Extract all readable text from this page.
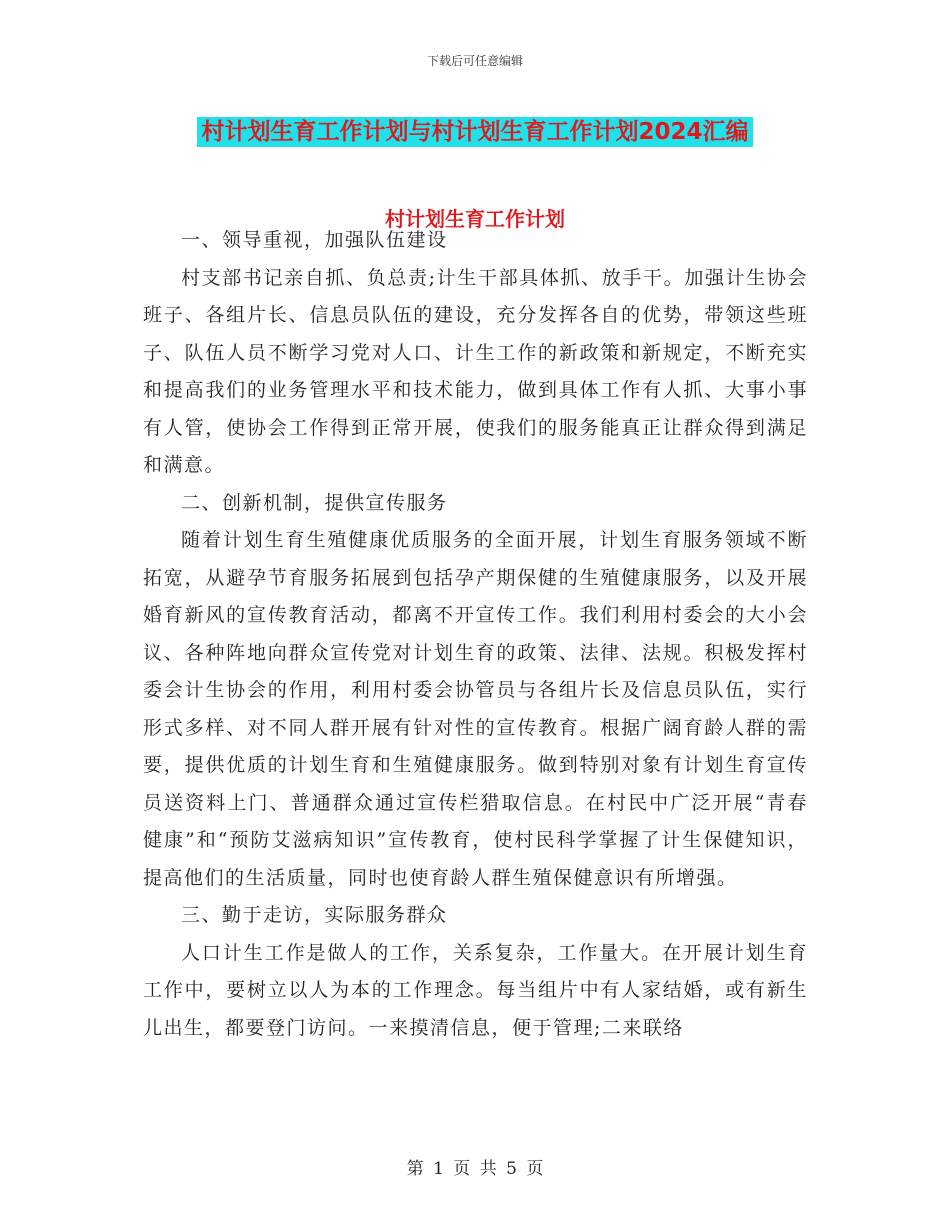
下载后可任意编辑
村计划生育工作计划与村计划生育工作计划2024汇编
村计划生育工作计划

一、领导重视，加强队伍建设

村支部书记亲自抓、负总责;计生干部具体抓、放手干。加强计生协会班子、各组片长、信息员队伍的建设，充分发挥各自的优势，带领这些班子、队伍人员不断学习党对人口、计生工作的新政策和新规定，不断充实和提高我们的业务管理水平和技术能力，做到具体工作有人抓、大事小事有人管，使协会工作得到正常开展，使我们的服务能真正让群众得到满足和满意。

二、创新机制，提供宣传服务

随着计划生育生殖健康优质服务的全面开展，计划生育服务领域不断拓宽，从避孕节育服务拓展到包括孕产期保健的生殖健康服务，以及开展婚育新风的宣传教育活动，都离不开宣传工作。我们利用村委会的大小会议、各种阵地向群众宣传党对计划生育的政策、法律、法规。积极发挥村委会计生协会的作用，利用村委会协管员与各组片长及信息员队伍，实行形式多样、对不同人群开展有针对性的宣传教育。根据广阔育龄人群的需要，提供优质的计划生育和生殖健康服务。做到特别对象有计划生育宣传员送资料上门、普通群众通过宣传栏猎取信息。在村民中广泛开展“青春健康”和“预防艾滋病知识”宣传教育，使村民科学掌握了计生保健知识，提高他们的生活质量，同时也使育龄人群生殖保健意识有所增强。

三、勤于走访，实际服务群众

人口计生工作是做人的工作，关系复杂，工作量大。在开展计划生育工作中，要树立以人为本的工作理念。每当组片中有人家结婚，或有新生儿出生，都要登门访问。一来摸清信息，便于管理;二来联络

第 1 页 共 5 页
